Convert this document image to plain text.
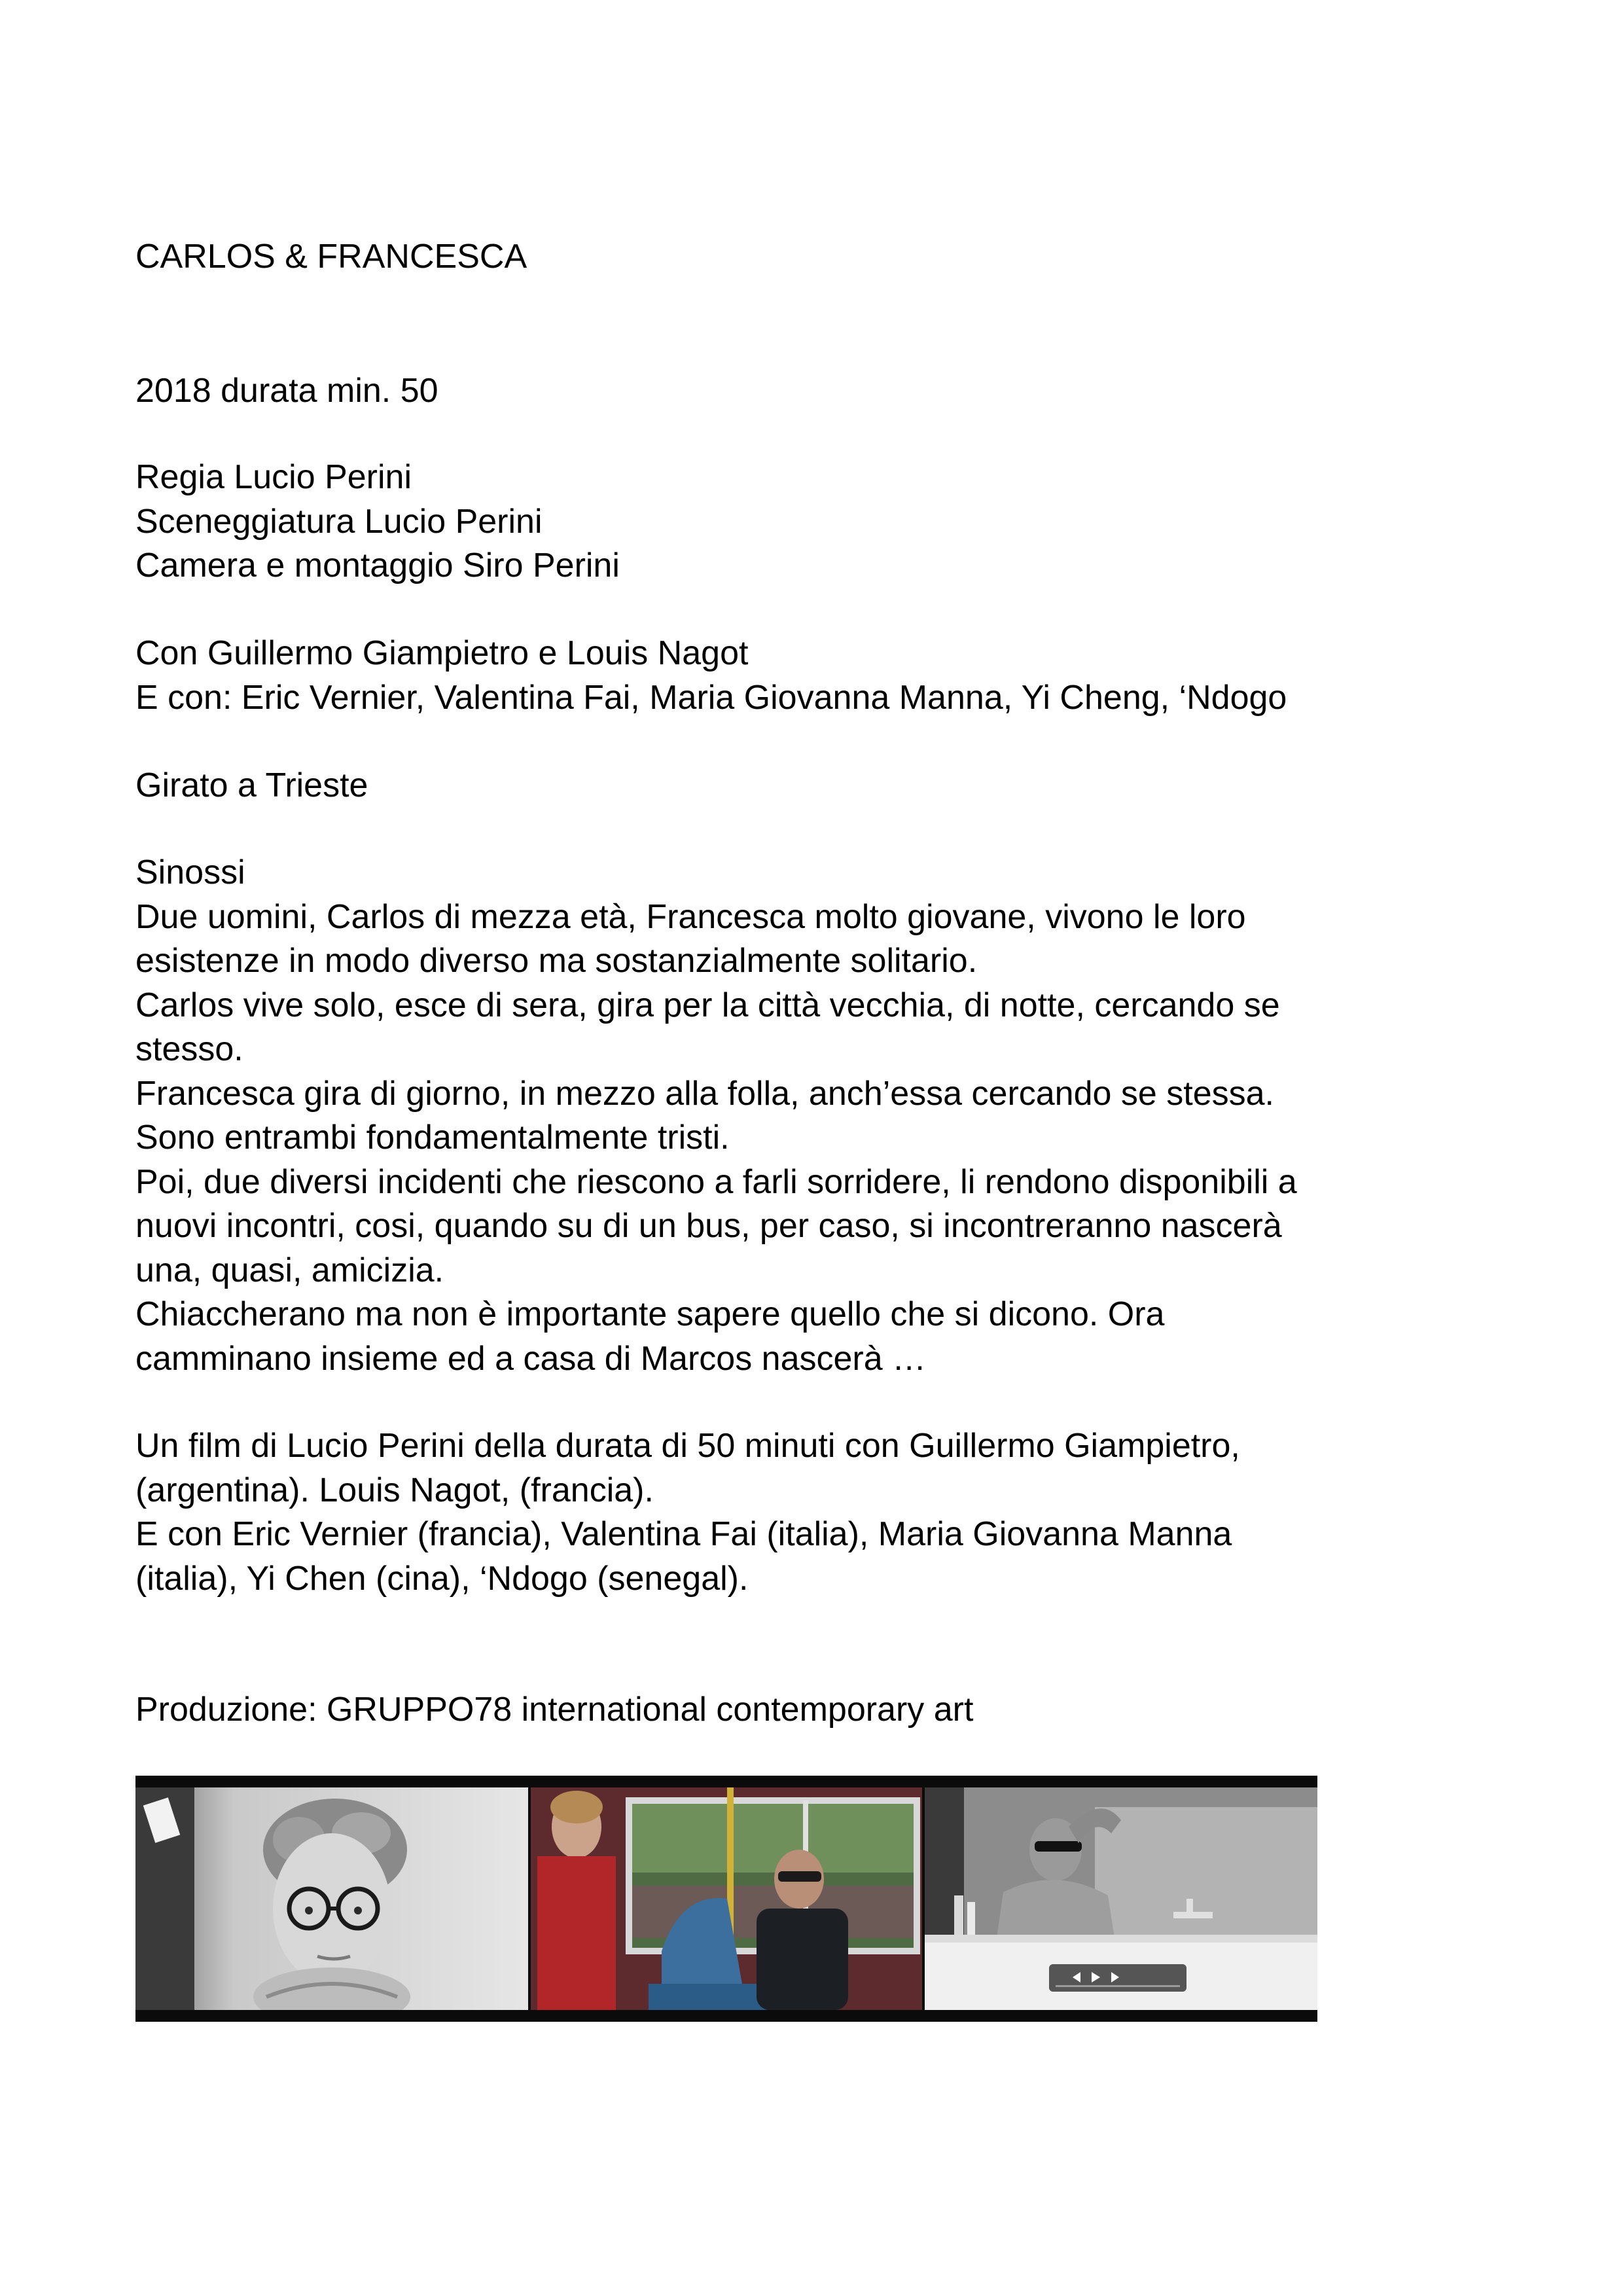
CARLOS & FRANCESCA

2018 durata min. 50

Regia Lucio Perini
Sceneggiatura Lucio Perini
Camera e montaggio Siro Perini
Con Guillermo Giampietro e Louis Nagot
E con: Eric Vernier, Valentina Fai, Maria Giovanna Manna, Yi Cheng, ‘Ndogo

Girato a Trieste

Sinossi
Due uomini, Carlos di mezza età, Francesca molto giovane, vivono le loro
esistenze in modo diverso ma sostanzialmente solitario.
Carlos vive solo, esce di sera, gira per la città vecchia, di notte, cercando se
stesso.
Francesca gira di giorno, in mezzo alla folla, anch’essa cercando se stessa.
Sono entrambi fondamentalmente tristi.
Poi, due diversi incidenti che riescono a farli sorridere, li rendono disponibili a
nuovi incontri, cosi, quando su di un bus, per caso, si incontreranno nascerà
una, quasi, amicizia.
Chiaccherano ma non è importante sapere quello che si dicono. Ora
camminano insieme ed a casa di Marcos nascerà …
Un film di Lucio Perini della durata di 50 minuti con Guillermo Giampietro,
(argentina). Louis Nagot, (francia).
E con Eric Vernier (francia), Valentina Fai (italia), Maria Giovanna Manna
(italia), Yi Chen (cina), ‘Ndogo (senegal).

Produzione: GRUPPO78 international contemporary art
